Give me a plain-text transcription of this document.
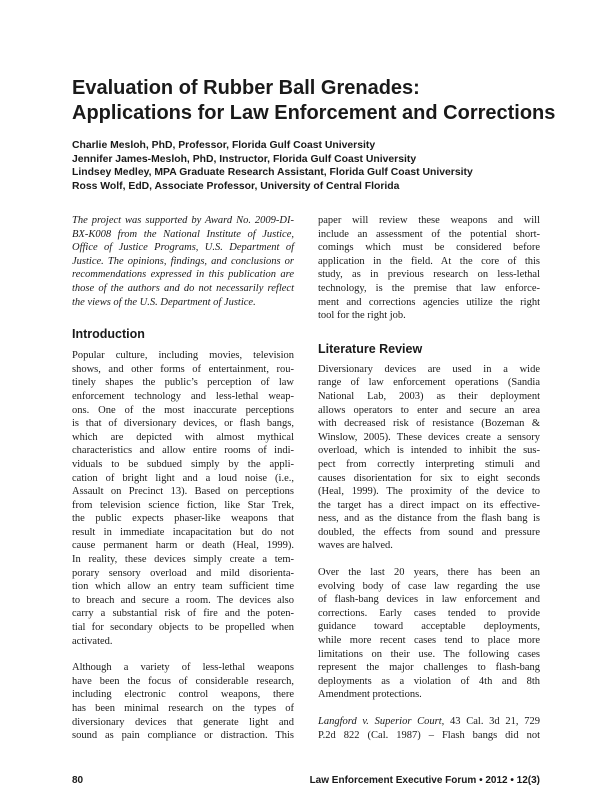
Evaluation of Rubber Ball Grenades:
Applications for Law Enforcement and Corrections
Charlie Mesloh, PhD, Professor, Florida Gulf Coast University
Jennifer James-Mesloh, PhD, Instructor, Florida Gulf Coast University
Lindsey Medley, MPA Graduate Research Assistant, Florida Gulf Coast University
Ross Wolf, EdD, Associate Professor, University of Central Florida
The project was supported by Award No. 2009-DI-
BX-K008 from the National Institute of Justice,
Office of Justice Programs, U.S. Department of
Justice. The opinions, findings, and conclusions or
recommendations expressed in this publication are
those of the authors and do not necessarily reflect
the views of the U.S. Department of Justice.
Introduction
Popular culture, including movies, television
shows, and other forms of entertainment, rou-
tinely shapes the public’s perception of law
enforcement technology and less-lethal weap-
ons. One of the most inaccurate perceptions
is that of diversionary devices, or flash bangs,
which are depicted with almost mythical
characteristics and allow entire rooms of indi-
viduals to be subdued simply by the appli-
cation of bright light and a loud noise (i.e.,
Assault on Precinct 13). Based on perceptions
from television science fiction, like Star Trek,
the public expects phaser-like weapons that
result in immediate incapacitation but do not
cause permanent harm or death (Heal, 1999).
In reality, these devices simply create a tem-
porary sensory overload and mild disorienta-
tion which allow an entry team sufficient time
to breach and secure a room. The devices also
carry a substantial risk of fire and the poten-
tial for secondary objects to be propelled when
activated.
Although a variety of less-lethal weapons
have been the focus of considerable research,
including electronic control weapons, there
has been minimal research on the types of
diversionary devices that generate light and
sound as pain compliance or distraction. This
paper will review these weapons and will
include an assessment of the potential short-
comings which must be considered before
application in the field. At the core of this
study, as in previous research on less-lethal
technology, is the premise that law enforce-
ment and corrections agencies utilize the right
tool for the right job.
Literature Review
Diversionary devices are used in a wide
range of law enforcement operations (Sandia
National Lab, 2003) as their deployment
allows operators to enter and secure an area
with decreased risk of resistance (Bozeman &
Winslow, 2005). These devices create a sensory
overload, which is intended to inhibit the sus-
pect from correctly interpreting stimuli and
causes disorientation for six to eight seconds
(Heal, 1999). The proximity of the device to
the target has a direct impact on its effective-
ness, and as the distance from the flash bang is
doubled, the effects from sound and pressure
waves are halved.
Over the last 20 years, there has been an
evolving body of case law regarding the use
of flash-bang devices in law enforcement and
corrections. Early cases tended to provide
guidance toward acceptable deployments,
while more recent cases tend to place more
limitations on their use. The following cases
represent the major challenges to flash-bang
deployments as a violation of 4th and 8th
Amendment protections.
Langford v. Superior Court, 43 Cal. 3d 21, 729
P.2d 822 (Cal. 1987) – Flash bangs did not
80	Law Enforcement Executive Forum • 2012 • 12(3)
